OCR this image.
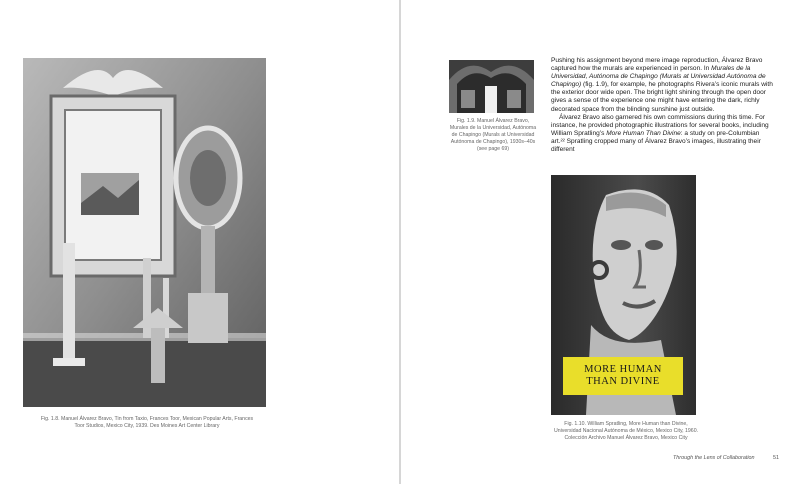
Fig. 1.8. Manuel Álvarez Bravo, Tin from Taxio, Frances Toor, Mexican Popular Arts, Frances Toor Studios, Mexico City, 1939. Des Moines Art Center Library
Fig. 1.9. Manuel Álvarez Bravo, Murales de la Universidad, Autónoma de Chapingo (Murals at Universidad Autónoma de Chapingo), 1930s–40s (see page 69)

Pushing his assignment beyond mere image reproduction, Álvarez Bravo captured how the murals are experienced in person. In Murales de la Universidad, Autónoma de Chapingo (Murals at Universidad Autónoma de Chapingo) (fig. 1.9), for example, he photographs Rivera’s iconic murals with the exterior door wide open. The bright light shining through the open door gives a sense of the experience one might have entering the dark, richly decorated space from the blinding sunshine just outside.

Álvarez Bravo also garnered his own commissions during this time. For instance, he provided photographic illustrations for several books, including William Spratling’s More Human Than Divine: a study on pre-Columbian art.²² Spratling cropped many of Álvarez Bravo’s images, illustrating their different

MORE HUMAN
THAN DIVINE
Fig. 1.10. William Spratling, More Human than Divine, Universidad Nacional Autónoma de México, Mexico City, 1960. Colección Archivo Manuel Álvarez Bravo, Mexico City
Through the Lens of Collaboration	51
